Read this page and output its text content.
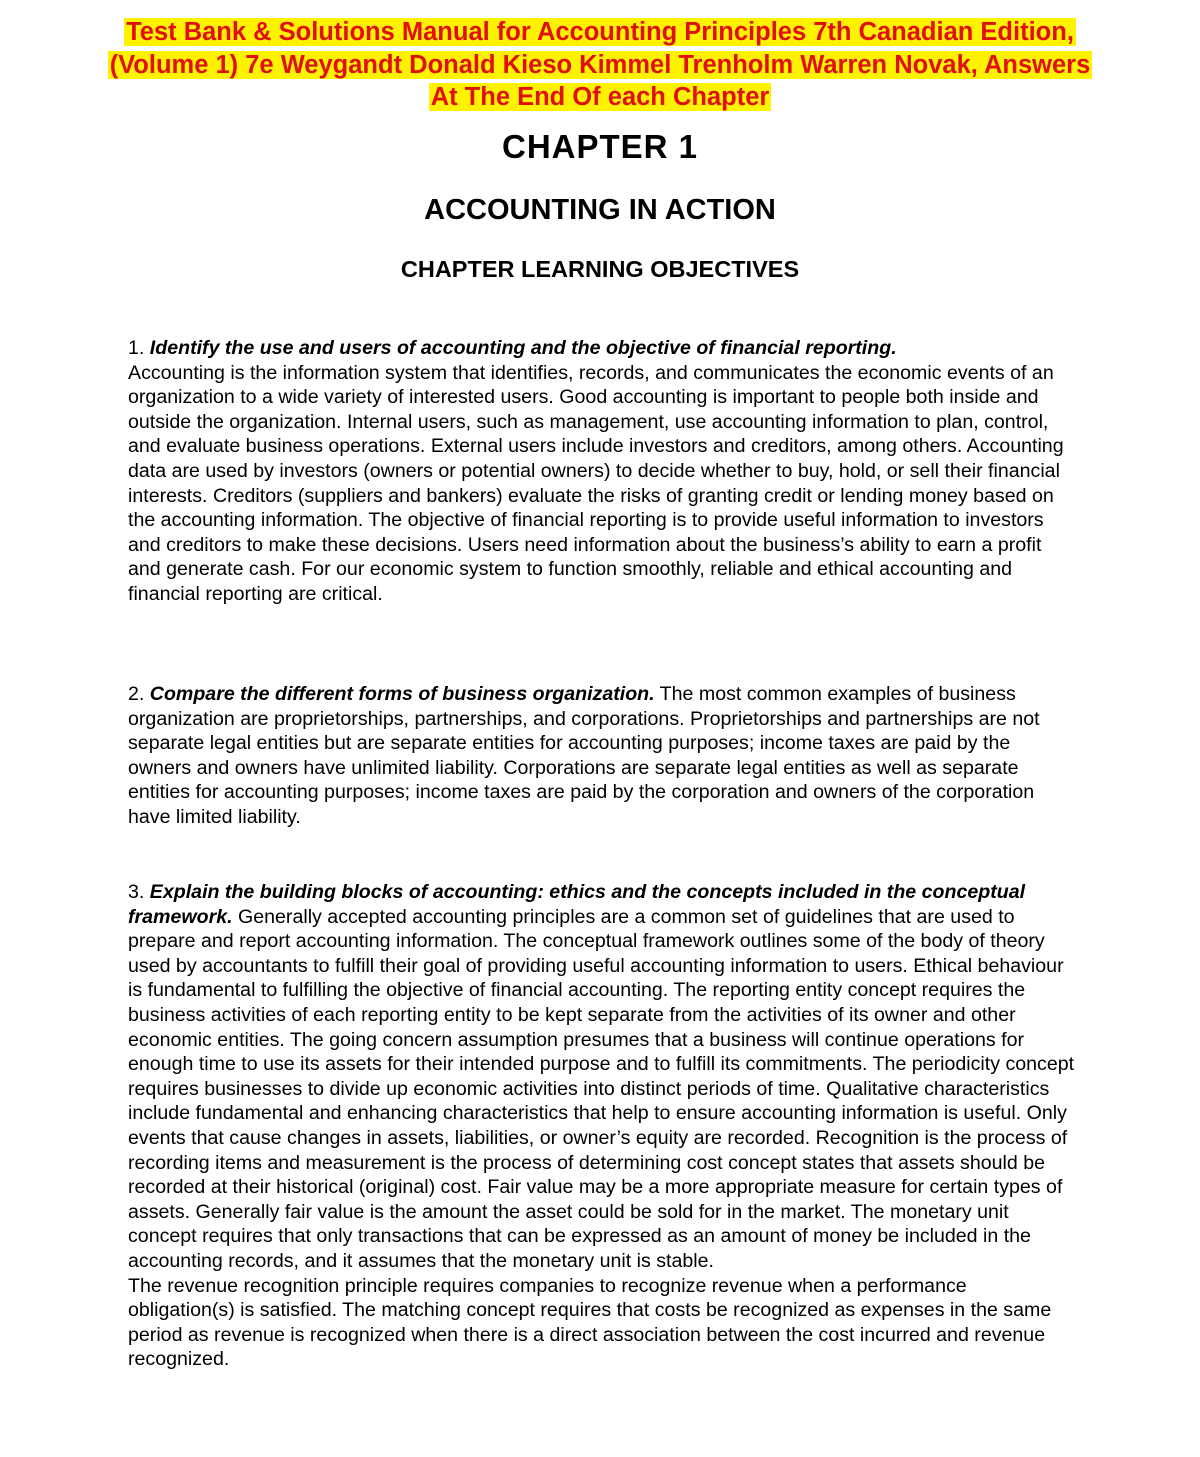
Test Bank & Solutions Manual for Accounting Principles 7th Canadian Edition,
(Volume 1) 7e Weygandt Donald Kieso Kimmel Trenholm Warren Novak, Answers
At The End Of each Chapter
CHAPTER 1
ACCOUNTING IN ACTION
CHAPTER LEARNING OBJECTIVES

1. Identify the use and users of accounting and the objective of financial reporting.
Accounting is the information system that identifies, records, and communicates the economic events of an organization to a wide variety of interested users. Good accounting is important to people both inside and outside the organization. Internal users, such as management, use accounting information to plan, control, and evaluate business operations. External users include investors and creditors, among others. Accounting data are used by investors (owners or potential owners) to decide whether to buy, hold, or sell their financial interests. Creditors (suppliers and bankers) evaluate the risks of granting credit or lending money based on the accounting information. The objective of financial reporting is to provide useful information to investors and creditors to make these decisions. Users need information about the business’s ability to earn a profit and generate cash. For our economic system to function smoothly, reliable and ethical accounting and financial reporting are critical.

2. Compare the different forms of business organization. The most common examples of business organization are proprietorships, partnerships, and corporations. Proprietorships and partnerships are not separate legal entities but are separate entities for accounting purposes; income taxes are paid by the owners and owners have unlimited liability. Corporations are separate legal entities as well as separate entities for accounting purposes; income taxes are paid by the corporation and owners of the corporation have limited liability.

3. Explain the building blocks of accounting: ethics and the concepts included in the conceptual framework. Generally accepted accounting principles are a common set of guidelines that are used to prepare and report accounting information. The conceptual framework outlines some of the body of theory used by accountants to fulfill their goal of providing useful accounting information to users. Ethical behaviour is fundamental to fulfilling the objective of financial accounting. The reporting entity concept requires the business activities of each reporting entity to be kept separate from the activities of its owner and other economic entities. The going concern assumption presumes that a business will continue operations for enough time to use its assets for their intended purpose and to fulfill its commitments. The periodicity concept requires businesses to divide up economic activities into distinct periods of time. Qualitative characteristics include fundamental and enhancing characteristics that help to ensure accounting information is useful. Only events that cause changes in assets, liabilities, or owner’s equity are recorded. Recognition is the process of recording items and measurement is the process of determining cost concept states that assets should be recorded at their historical (original) cost. Fair value may be a more appropriate measure for certain types of assets. Generally fair value is the amount the asset could be sold for in the market. The monetary unit concept requires that only transactions that can be expressed as an amount of money be included in the accounting records, and it assumes that the monetary unit is stable.
The revenue recognition principle requires companies to recognize revenue when a performance obligation(s) is satisfied. The matching concept requires that costs be recognized as expenses in the same period as revenue is recognized when there is a direct association between the cost incurred and revenue recognized.
